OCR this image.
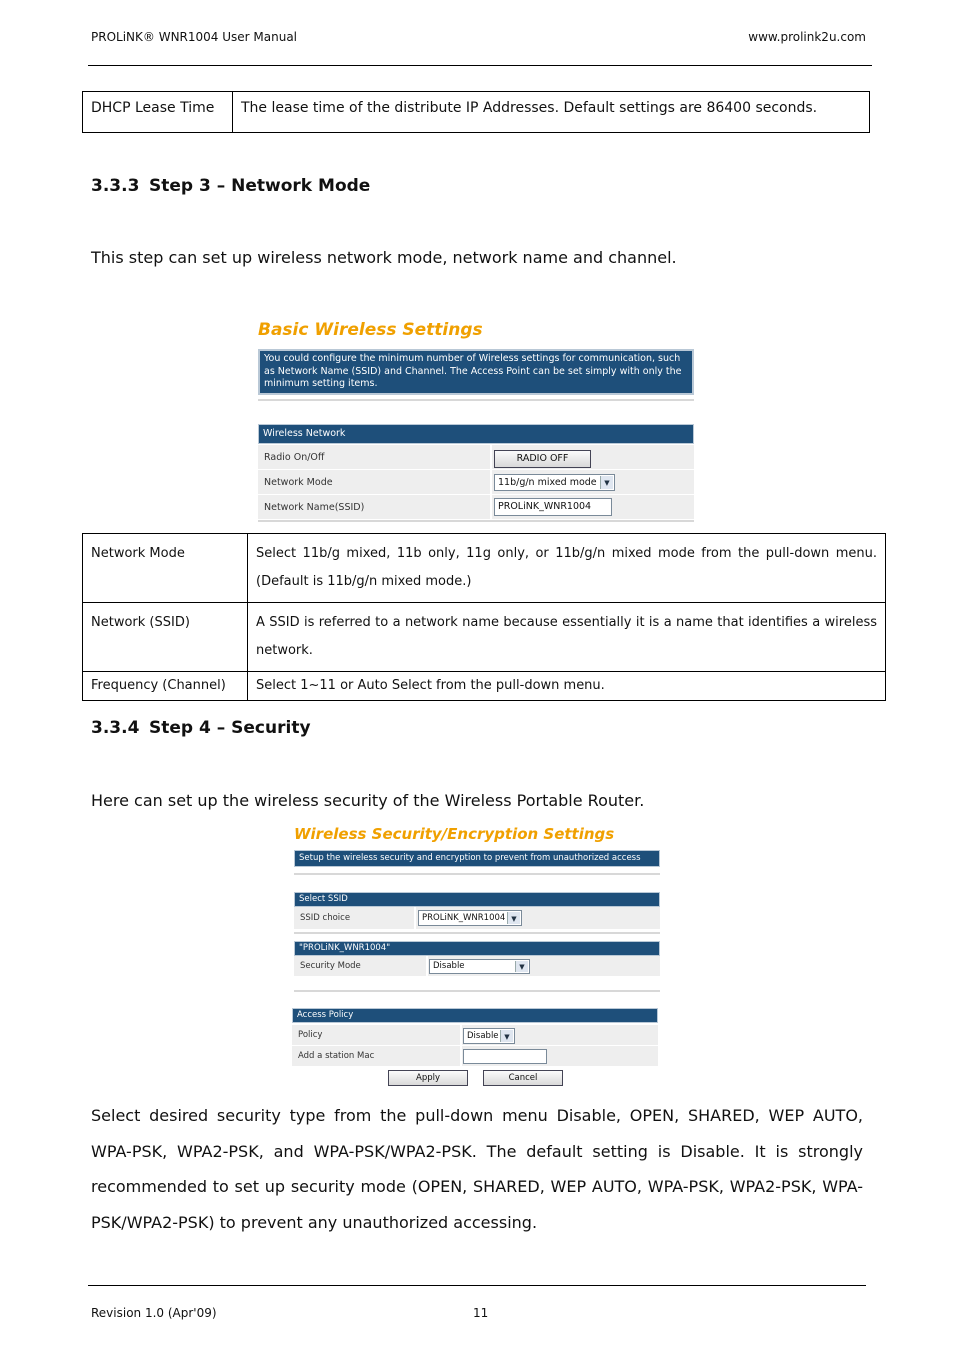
PROLiNK® WNR1004 User Manual	www.prolink2u.com
DHCP Lease Time	The lease time of the distribute IP Addresses. Default settings are 86400 seconds.
3.3.3 Step 3 – Network Mode
This step can set up wireless network mode, network name and channel.
Basic Wireless Settings
You could configure the minimum number of Wireless settings for communication, such as Network Name (SSID) and Channel. The Access Point can be set simply with only the minimum setting items.
Wireless Network
Radio On/Off	RADIO OFF
Network Mode	11b/g/n mixed mode	▼
Network Name(SSID)	PROLiNK_WNR1004
Network Mode	Select 11b/g mixed, 11b only, 11g only, or 11b/g/n mixed mode from the pull-down menu. (Default is 11b/g/n mixed mode.)
Network (SSID)	A SSID is referred to a network name because essentially it is a name that identifies a wireless network.
Frequency (Channel)	Select 1~11 or Auto Select from the pull-down menu.
3.3.4 Step 4 – Security
Here can set up the wireless security of the Wireless Portable Router.
Wireless Security/Encryption Settings
Setup the wireless security and encryption to prevent from unauthorized access
Select SSID
SSID choice	PROLiNK_WNR1004 ▼
"PROLiNK_WNR1004"
Security Mode	Disable	▼
Access Policy
Policy	Disable ▼
Add a station Mac
Apply	Cancel
Select desired security type from the pull-down menu Disable, OPEN, SHARED, WEP AUTO, WPA-PSK, WPA2-PSK, and WPA-PSK/WPA2-PSK. The default setting is Disable. It is strongly recommended to set up security mode (OPEN, SHARED, WEP AUTO, WPA-PSK, WPA2-PSK, WPA-PSK/WPA2-PSK) to prevent any unauthorized accessing.
Revision 1.0 (Apr'09)	11
